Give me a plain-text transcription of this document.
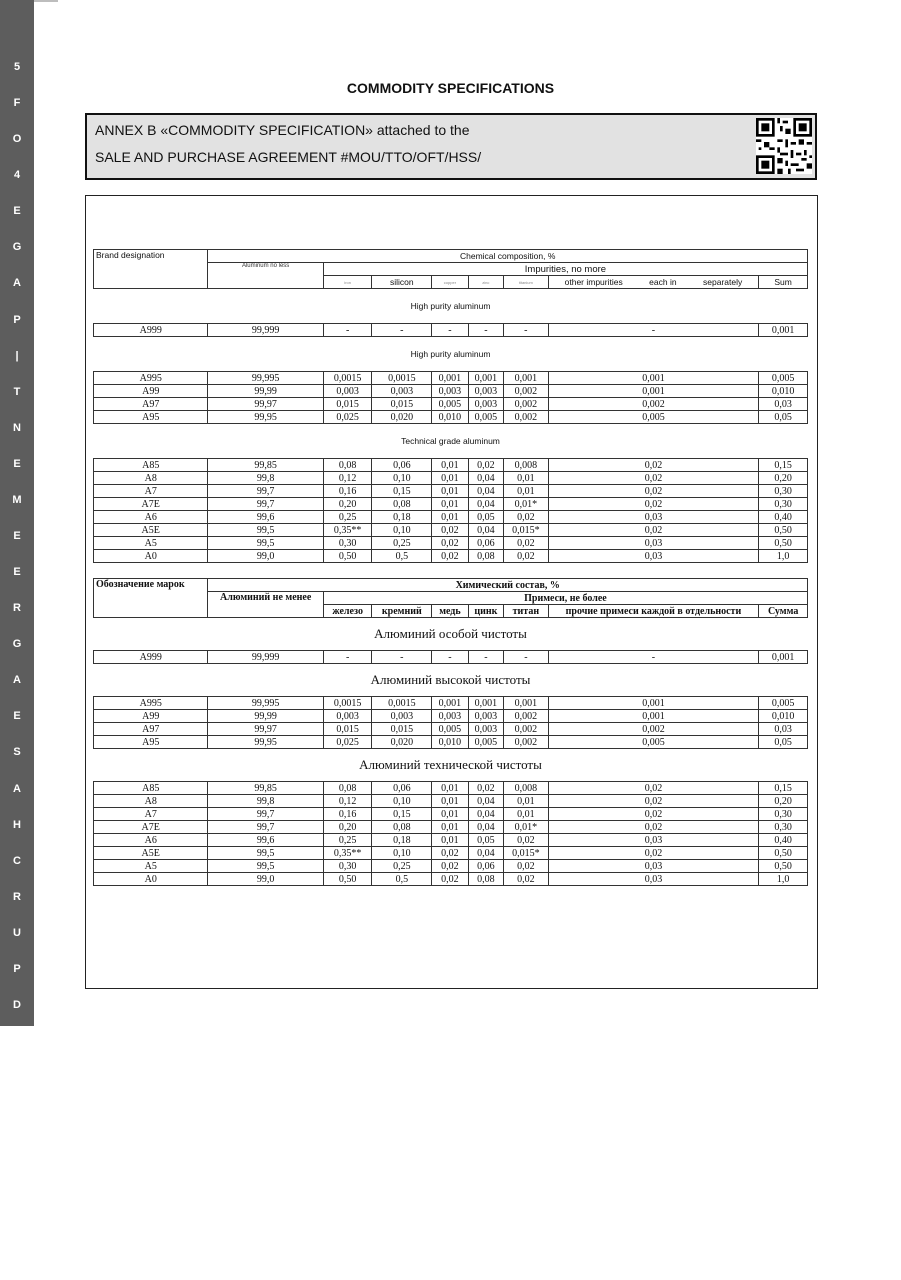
5
F
O
4
E
G
A
P
|
T
N
E
M
E
E
R
G
A
E
S
A
H
C
R
U
P
D
COMMODITY SPECIFICATIONS
ANNEX B «COMMODITY SPECIFICATION» attached to the
SALE AND PURCHASE AGREEMENT #MOU/TTO/OFT/HSS/
Brand designation	Chemical composition, %							
	Aluminum no less	Impurities, no more						
		iron	silicon	copper	zinc	titanium	other impurities each in separately	Sum
High purity aluminum								
A999	99,999	-	-	-	-	-	-	0,001
High purity aluminum								
A995	99,995	0,0015	0,0015	0,001	0,001	0,001	0,001	0,005
A99	99,99	0,003	0,003	0,003	0,003	0,002	0,001	0,010
A97	99,97	0,015	0,015	0,005	0,003	0,002	0,002	0,03
A95	99,95	0,025	0,020	0,010	0,005	0,002	0,005	0,05
Technical grade aluminum								
A85	99,85	0,08	0,06	0,01	0,02	0,008	0,02	0,15
A8	99,8	0,12	0,10	0,01	0,04	0,01	0,02	0,20
A7	99,7	0,16	0,15	0,01	0,04	0,01	0,02	0,30
A7E	99,7	0,20	0,08	0,01	0,04	0,01*	0,02	0,30
A6	99,6	0,25	0,18	0,01	0,05	0,02	0,03	0,40
A5E	99,5	0,35**	0,10	0,02	0,04	0,015*	0,02	0,50
A5	99,5	0,30	0,25	0,02	0,06	0,02	0,03	0,50
A0	99,0	0,50	0,5	0,02	0,08	0,02	0,03	1,0
Обозначение марок	Химический состав, %							
	Алюминий не менее	Примеси, не более						
		железо	кремний	медь	цинк	титан	прочие примеси каждой в отдельности	Сумма
Алюминий особой чистоты								
A999	99,999	-	-	-	-	-	-	0,001
Алюминий высокой чистоты								
A995	99,995	0,0015	0,0015	0,001	0,001	0,001	0,001	0,005
A99	99,99	0,003	0,003	0,003	0,003	0,002	0,001	0,010
A97	99,97	0,015	0,015	0,005	0,003	0,002	0,002	0,03
A95	99,95	0,025	0,020	0,010	0,005	0,002	0,005	0,05
Алюминий технической чистоты								
A85	99,85	0,08	0,06	0,01	0,02	0,008	0,02	0,15
A8	99,8	0,12	0,10	0,01	0,04	0,01	0,02	0,20
A7	99,7	0,16	0,15	0,01	0,04	0,01	0,02	0,30
A7E	99,7	0,20	0,08	0,01	0,04	0,01*	0,02	0,30
A6	99,6	0,25	0,18	0,01	0,05	0,02	0,03	0,40
A5E	99,5	0,35**	0,10	0,02	0,04	0,015*	0,02	0,50
A5	99,5	0,30	0,25	0,02	0,06	0,02	0,03	0,50
A0	99,0	0,50	0,5	0,02	0,08	0,02	0,03	1,0
